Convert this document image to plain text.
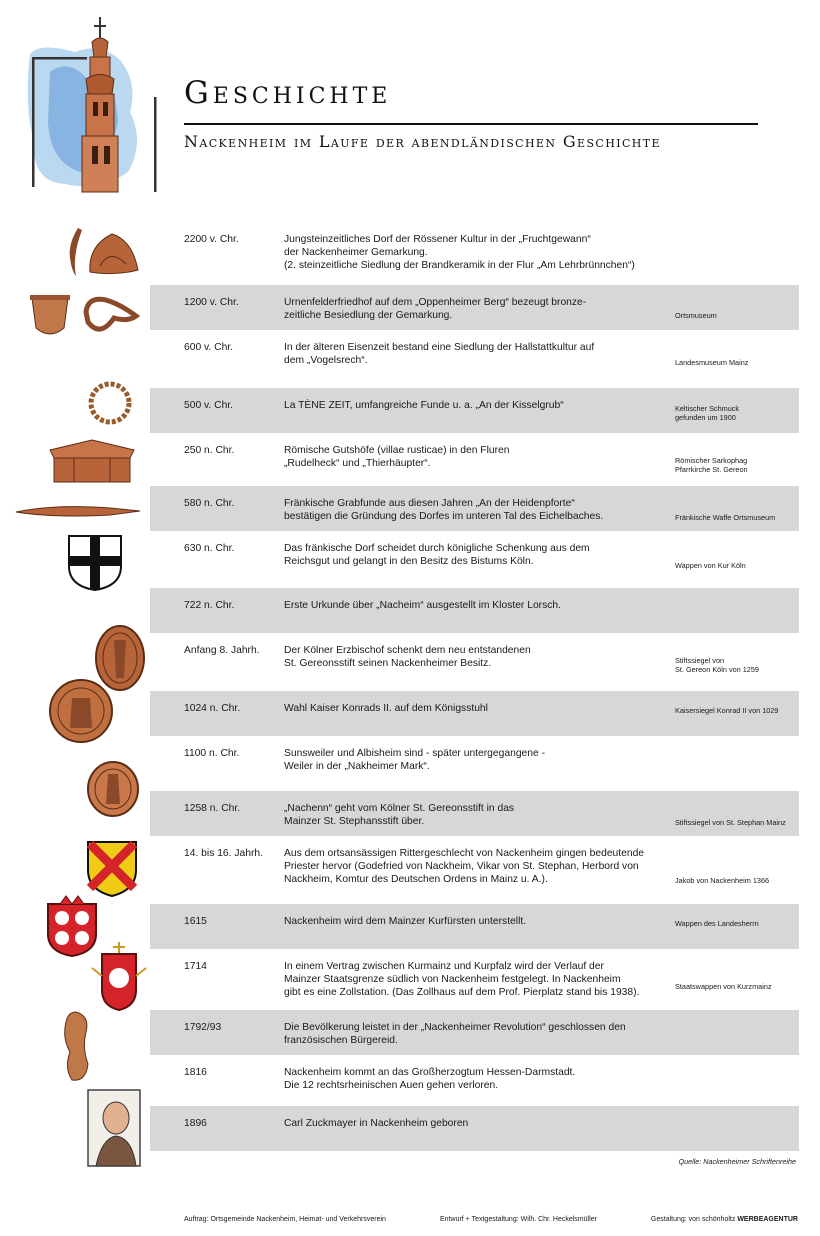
Geschichte
Nackenheim im Laufe der abendländischen Geschichte
2200 v. Chr.	Jungsteinzeitliches Dorf der Rössener Kultur in der „Fruchtgewann“
der Nackenheimer Gemarkung.
(2. steinzeitliche Siedlung der Brandkeramik in der Flur „Am Lehrbrünnchen“)
1200 v. Chr.	Urnenfelderfriedhof auf dem „Oppenheimer Berg“ bezeugt bronze-
zeitliche Besiedlung der Gemarkung.	Ortsmuseum
600 v. Chr.	In der älteren Eisenzeit bestand eine Siedlung der Hallstattkultur auf
dem „Vogelsrech“.	Landesmuseum Mainz
500 v. Chr.	La TÈNE ZEIT, umfangreiche Funde u. a. „An der Kisselgrub“	Keltischer Schmuck
gefunden um 1900
250 n. Chr.	Römische Gutshöfe (villae rusticae) in den Fluren
„Rudelheck“ und „Thierhäupter“.	Römischer Sarkophag
Pfarrkirche St. Gereon
580 n. Chr.	Fränkische Grabfunde aus diesen Jahren „An der Heidenpforte“
bestätigen die Gründung des Dorfes im unteren Tal des Eichelbaches.	Fränkische Waffe Ortsmuseum
630 n. Chr.	Das fränkische Dorf scheidet durch königliche Schenkung aus dem
Reichsgut und gelangt in den Besitz des Bistums Köln.	Wappen von Kur Köln
722 n. Chr.	Erste Urkunde über „Nacheim“ ausgestellt im Kloster Lorsch.
Anfang 8. Jahrh. Der Kölner Erzbischof schenkt dem neu entstandenen
St. Gereonsstift seinen Nackenheimer Besitz.	Stiftssiegel von
St. Gereon Köln von 1259
1024 n. Chr.	Wahl Kaiser Konrads II. auf dem Königsstuhl	Kaisersiegel Konrad II von 1029
1100 n. Chr.	Sunsweiler und Albisheim sind - später untergegangene -
Weiler in der „Nakheimer Mark“.
1258 n. Chr.	„Nachenn“ geht vom Kölner St. Gereonsstift in das
Mainzer St. Stephansstift über.	Stiftssiegel von St. Stephan Mainz
14. bis 16. Jahrh. Aus dem ortsansässigen Rittergeschlecht von Nackenheim gingen bedeutende
Priester hervor (Godefried von Nackheim, Vikar von St. Stephan, Herbord von
Nackheim, Komtur des Deutschen Ordens in Mainz u. A.).	Jakob von Nackenheim 1366
1615	Nackenheim wird dem Mainzer Kurfürsten unterstellt.	Wappen des Landesherrn
1714	In einem Vertrag zwischen Kurmainz und Kurpfalz wird der Verlauf der
Mainzer Staatsgrenze südlich von Nackenheim festgelegt. In Nackenheim
gibt es eine Zollstation. (Das Zollhaus auf dem Prof. Pierplatz stand bis 1938).
Staatswappen von Kurzmainz
1792/93	Die Bevölkerung leistet in der „Nackenheimer Revolution“ geschlossen den
französischen Bürgereid.
1816	Nackenheim kommt an das Großherzogtum Hessen-Darmstadt.
Die 12 rechtsrheinischen Auen gehen verloren.
1896	Carl Zuckmayer in Nackenheim geboren
Quelle: Nackenheimer Schriftenreihe
Auftrag: Ortsgemeinde Nackenheim, Heimat- und Verkehrsverein	Entwurf + Textgestaltung: Wilh. Chr. Heckelsmüller	Gestaltung: von schönholtz WERBEAGENTUR
